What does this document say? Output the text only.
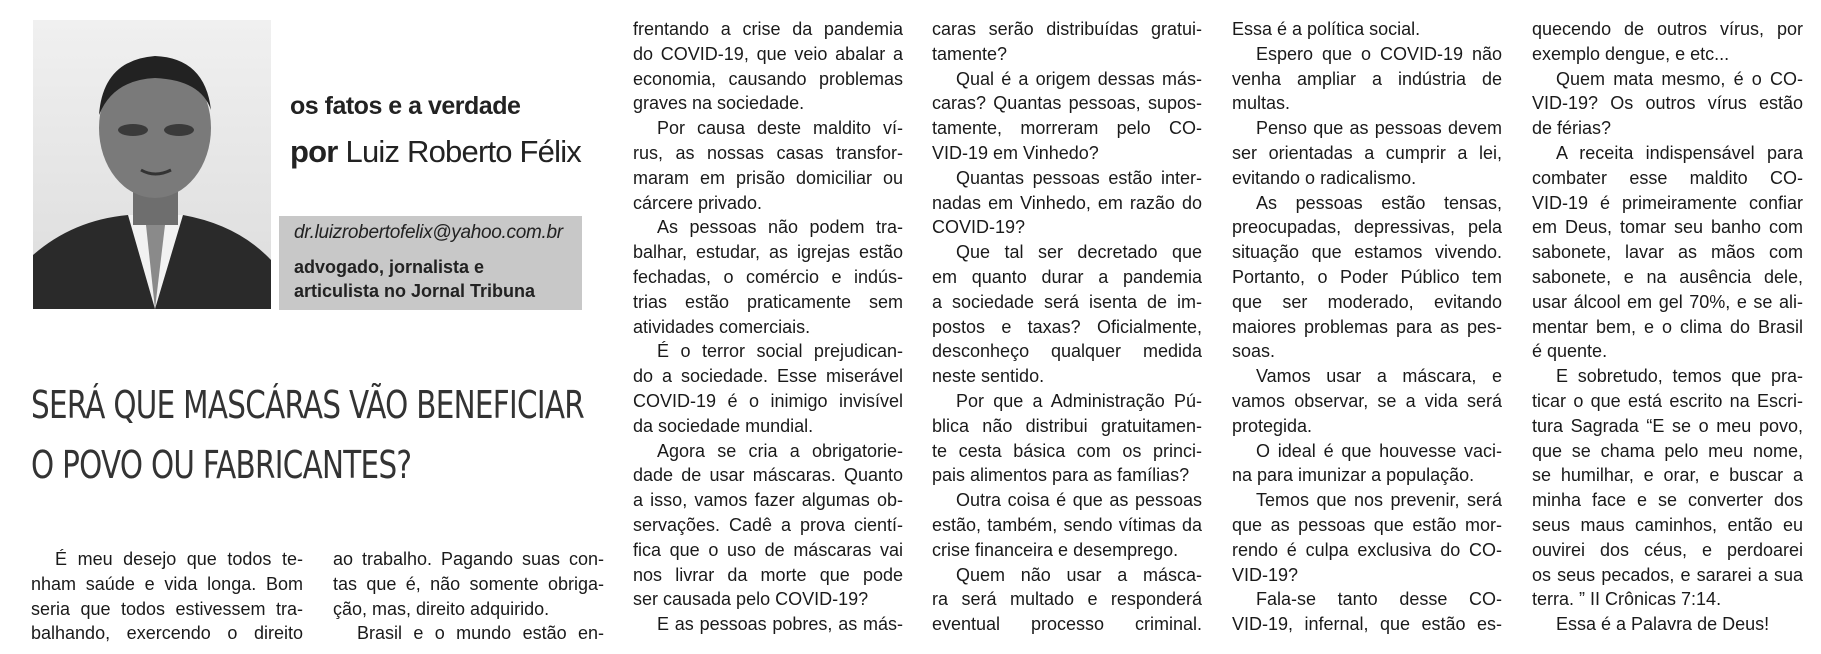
os fatos e a verdade
por Luiz Roberto Félix
dr.luizrobertofelix@yahoo.com.br
advogado, jornalista e
articulista no Jornal Tribuna
SERÁ QUE MASCÁRAS VÃO BENEFICIAR
O POVO OU FABRICANTES?
É meu desejo que todos te-
nham saúde e vida longa. Bom
seria que todos estivessem tra-
balhando, exercendo o direito
ao trabalho. Pagando suas con-
tas que é, não somente obriga-
ção, mas, direito adquirido.
Brasil e o mundo estão en-
frentando a crise da pandemia
do COVID-19, que veio abalar a
economia, causando problemas
graves na sociedade.
Por causa deste maldito ví-
rus, as nossas casas transfor-
maram em prisão domiciliar ou
cárcere privado.
As pessoas não podem tra-
balhar, estudar, as igrejas estão
fechadas, o comércio e indús-
trias estão praticamente sem
atividades comerciais.
É o terror social prejudican-
do a sociedade. Esse miserável
COVID-19 é o inimigo invisível
da sociedade mundial.
Agora se cria a obrigatorie-
dade de usar máscaras. Quanto
a isso, vamos fazer algumas ob-
servações. Cadê a prova cientí-
fica que o uso de máscaras vai
nos livrar da morte que pode
ser causada pelo COVID-19?
E as pessoas pobres, as más-
caras serão distribuídas gratui-
tamente?
Qual é a origem dessas más-
caras? Quantas pessoas, supos-
tamente, morreram pelo CO-
VID-19 em Vinhedo?
Quantas pessoas estão inter-
nadas em Vinhedo, em razão do
COVID-19?
Que tal ser decretado que
em quanto durar a pandemia
a sociedade será isenta de im-
postos e taxas? Oficialmente,
desconheço qualquer medida
neste sentido.
Por que a Administração Pú-
blica não distribui gratuitamen-
te cesta básica com os princi-
pais alimentos para as famílias?
Outra coisa é que as pessoas
estão, também, sendo vítimas da
crise financeira e desemprego.
Quem não usar a másca-
ra será multado e responderá
eventual processo criminal.
Essa é a política social.
Espero que o COVID-19 não
venha ampliar a indústria de
multas.
Penso que as pessoas devem
ser orientadas a cumprir a lei,
evitando o radicalismo.
As pessoas estão tensas,
preocupadas, depressivas, pela
situação que estamos vivendo.
Portanto, o Poder Público tem
que ser moderado, evitando
maiores problemas para as pes-
soas.
Vamos usar a máscara, e
vamos observar, se a vida será
protegida.
O ideal é que houvesse vaci-
na para imunizar a população.
Temos que nos prevenir, será
que as pessoas que estão mor-
rendo é culpa exclusiva do CO-
VID-19?
Fala-se tanto desse CO-
VID-19, infernal, que estão es-
quecendo de outros vírus, por
exemplo dengue, e etc...
Quem mata mesmo, é o CO-
VID-19? Os outros vírus estão
de férias?
A receita indispensável para
combater esse maldito CO-
VID-19 é primeiramente confiar
em Deus, tomar seu banho com
sabonete, lavar as mãos com
sabonete, e na ausência dele,
usar álcool em gel 70%, e se ali-
mentar bem, e o clima do Brasil
é quente.
E sobretudo, temos que pra-
ticar o que está escrito na Escri-
tura Sagrada “E se o meu povo,
que se chama pelo meu nome,
se humilhar, e orar, e buscar a
minha face e se converter dos
seus maus caminhos, então eu
ouvirei dos céus, e perdoarei
os seus pecados, e sararei a sua
terra. ” II Crônicas 7:14.
Essa é a Palavra de Deus!
